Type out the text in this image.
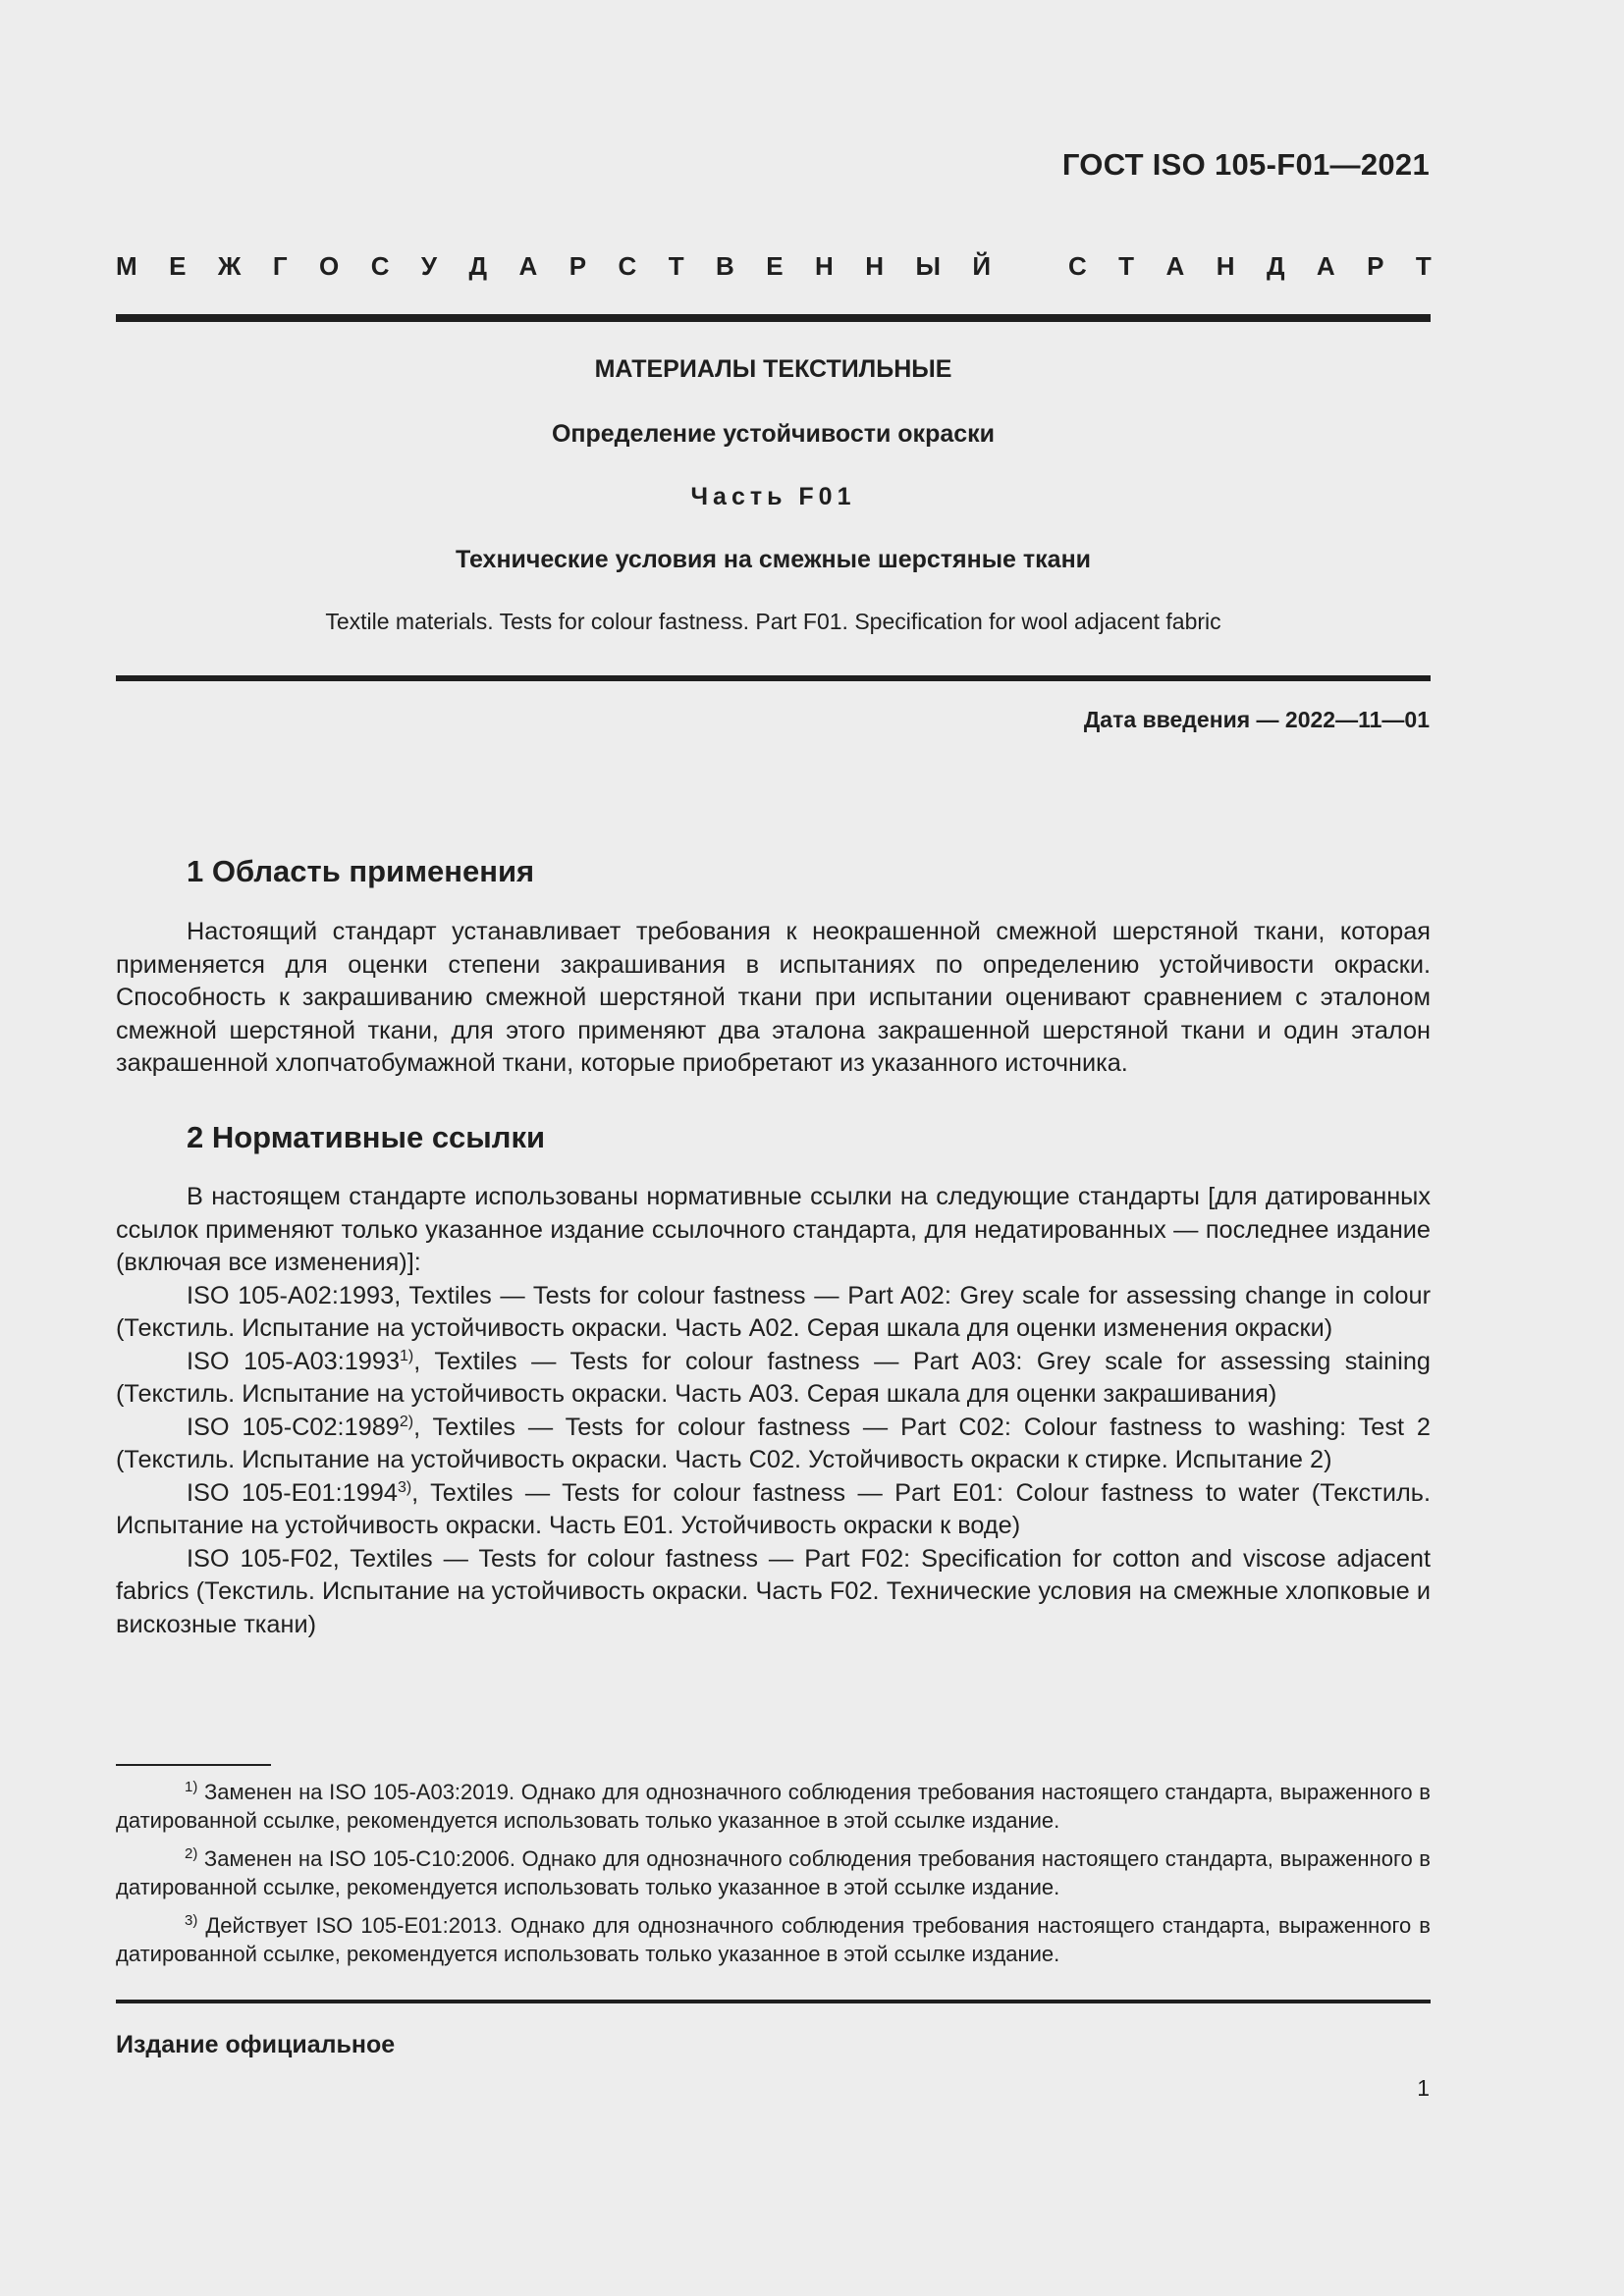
ГОСТ ISO 105-F01—2021
М Е Ж Г О С У Д А Р С Т В Е Н Н Ы Й	С Т А Н Д А Р Т
МАТЕРИАЛЫ ТЕКСТИЛЬНЫЕ
Определение устойчивости окраски
Часть F01
Технические условия на смежные шерстяные ткани
Textile materials. Tests for colour fastness. Part F01. Specification for wool adjacent fabric
Дата введения — 2022—11—01
1 Область применения

Настоящий стандарт устанавливает требования к неокрашенной смежной шерстяной ткани, которая применяется для оценки степени закрашивания в испытаниях по определению устойчивости окраски. Способность к закрашиванию смежной шерстяной ткани при испытании оценивают сравнением с эталоном смежной шерстяной ткани, для этого применяют два эталона закрашенной шерстяной ткани и один эталон закрашенной хлопчатобумажной ткани, которые приобретают из указанного источника.

2 Нормативные ссылки

В настоящем стандарте использованы нормативные ссылки на следующие стандарты [для датированных ссылок применяют только указанное издание ссылочного стандарта, для недатированных — последнее издание (включая все изменения)]:

ISO 105-A02:1993, Textiles — Tests for colour fastness — Part A02: Grey scale for assessing change in colour (Текстиль. Испытание на устойчивость окраски. Часть A02. Серая шкала для оценки изменения окраски)

ISO 105-A03:1993$^{1)}$, Textiles — Tests for colour fastness — Part A03: Grey scale for assessing staining (Текстиль. Испытание на устойчивость окраски. Часть A03. Серая шкала для оценки закрашивания)

ISO 105-C02:1989$^{2)}$, Textiles — Tests for colour fastness — Part C02: Colour fastness to washing: Test 2 (Текстиль. Испытание на устойчивость окраски. Часть C02. Устойчивость окраски к стирке. Испытание 2)

ISO 105-E01:1994$^{3)}$, Textiles — Tests for colour fastness — Part E01: Colour fastness to water (Текстиль. Испытание на устойчивость окраски. Часть E01. Устойчивость окраски к воде)

ISO 105-F02, Textiles — Tests for colour fastness — Part F02: Specification for cotton and viscose adjacent fabrics (Текстиль. Испытание на устойчивость окраски. Часть F02. Технические условия на смежные хлопковые и вискозные ткани)

$^{1)}$ Заменен на ISO 105-A03:2019. Однако для однозначного соблюдения требования настоящего стандарта, выраженного в датированной ссылке, рекомендуется использовать только указанное в этой ссылке издание.

$^{2)}$ Заменен на ISO 105-C10:2006. Однако для однозначного соблюдения требования настоящего стандарта, выраженного в датированной ссылке, рекомендуется использовать только указанное в этой ссылке издание.

$^{3)}$ Действует ISO 105-E01:2013. Однако для однозначного соблюдения требования настоящего стандарта, выраженного в датированной ссылке, рекомендуется использовать только указанное в этой ссылке издание.

Издание официальное
1
